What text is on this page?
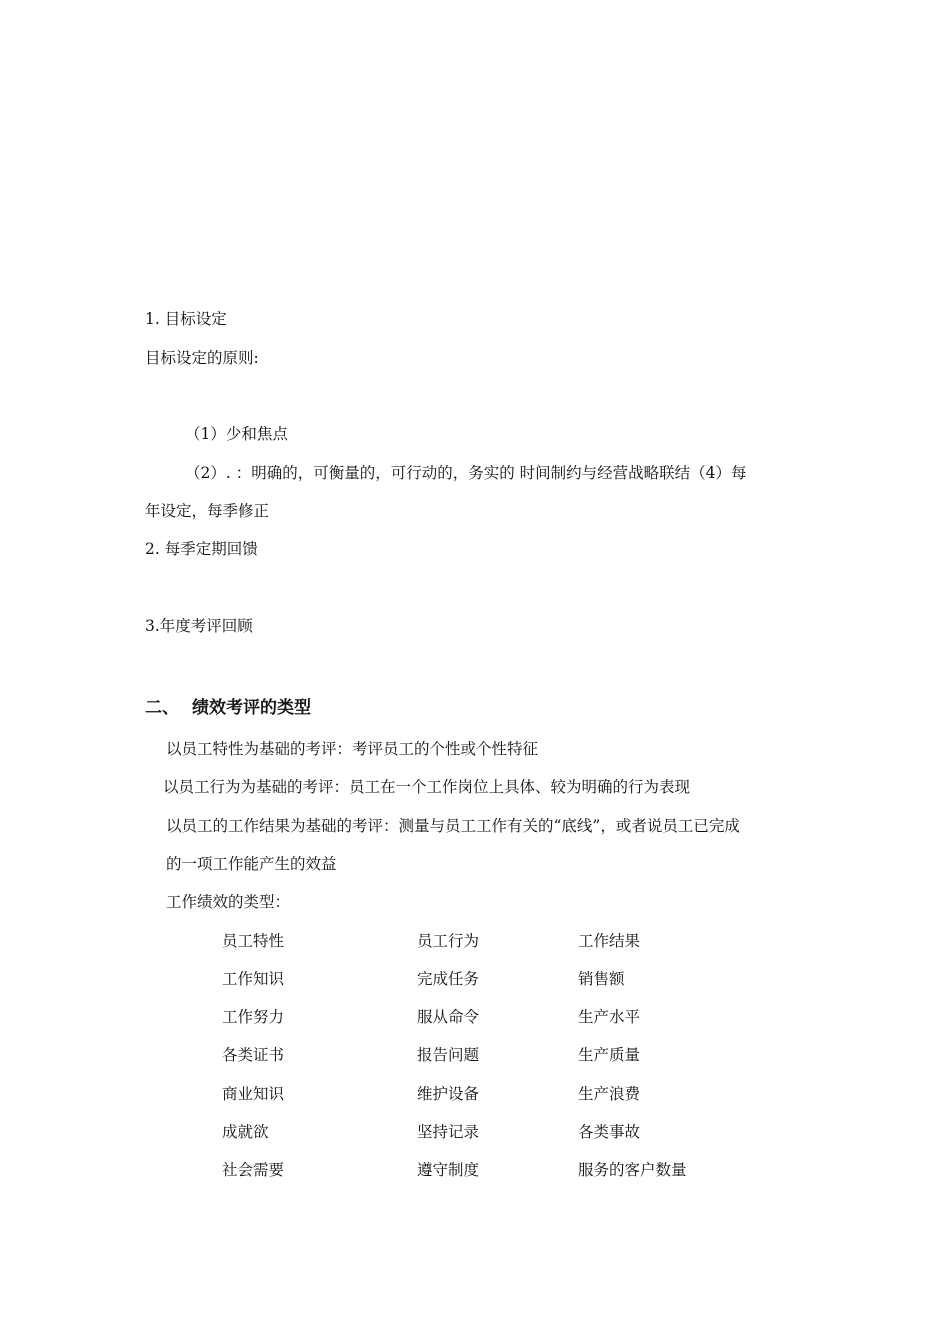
1. 目标设定
目标设定的原则:
（1）少和焦点
（2）. ：明确的，可衡量的，可行动的，务实的 时间制约与经营战略联结（4）每
年设定，每季修正
2. 每季定期回馈
3.年度考评回顾
二、 绩效考评的类型
以员工特性为基础的考评：考评员工的个性或个性特征
以员工行为为基础的考评：员工在一个工作岗位上具体、较为明确的行为表现
以员工的工作结果为基础的考评：测量与员工工作有关的“底线”，或者说员工已完成
的一项工作能产生的效益
工作绩效的类型：
员工特性	员工行为	工作结果
工作知识	完成任务	销售额
工作努力	服从命令	生产水平
各类证书	报告问题	生产质量
商业知识	维护设备	生产浪费
成就欲	坚持记录	各类事故
社会需要	遵守制度	服务的客户数量
